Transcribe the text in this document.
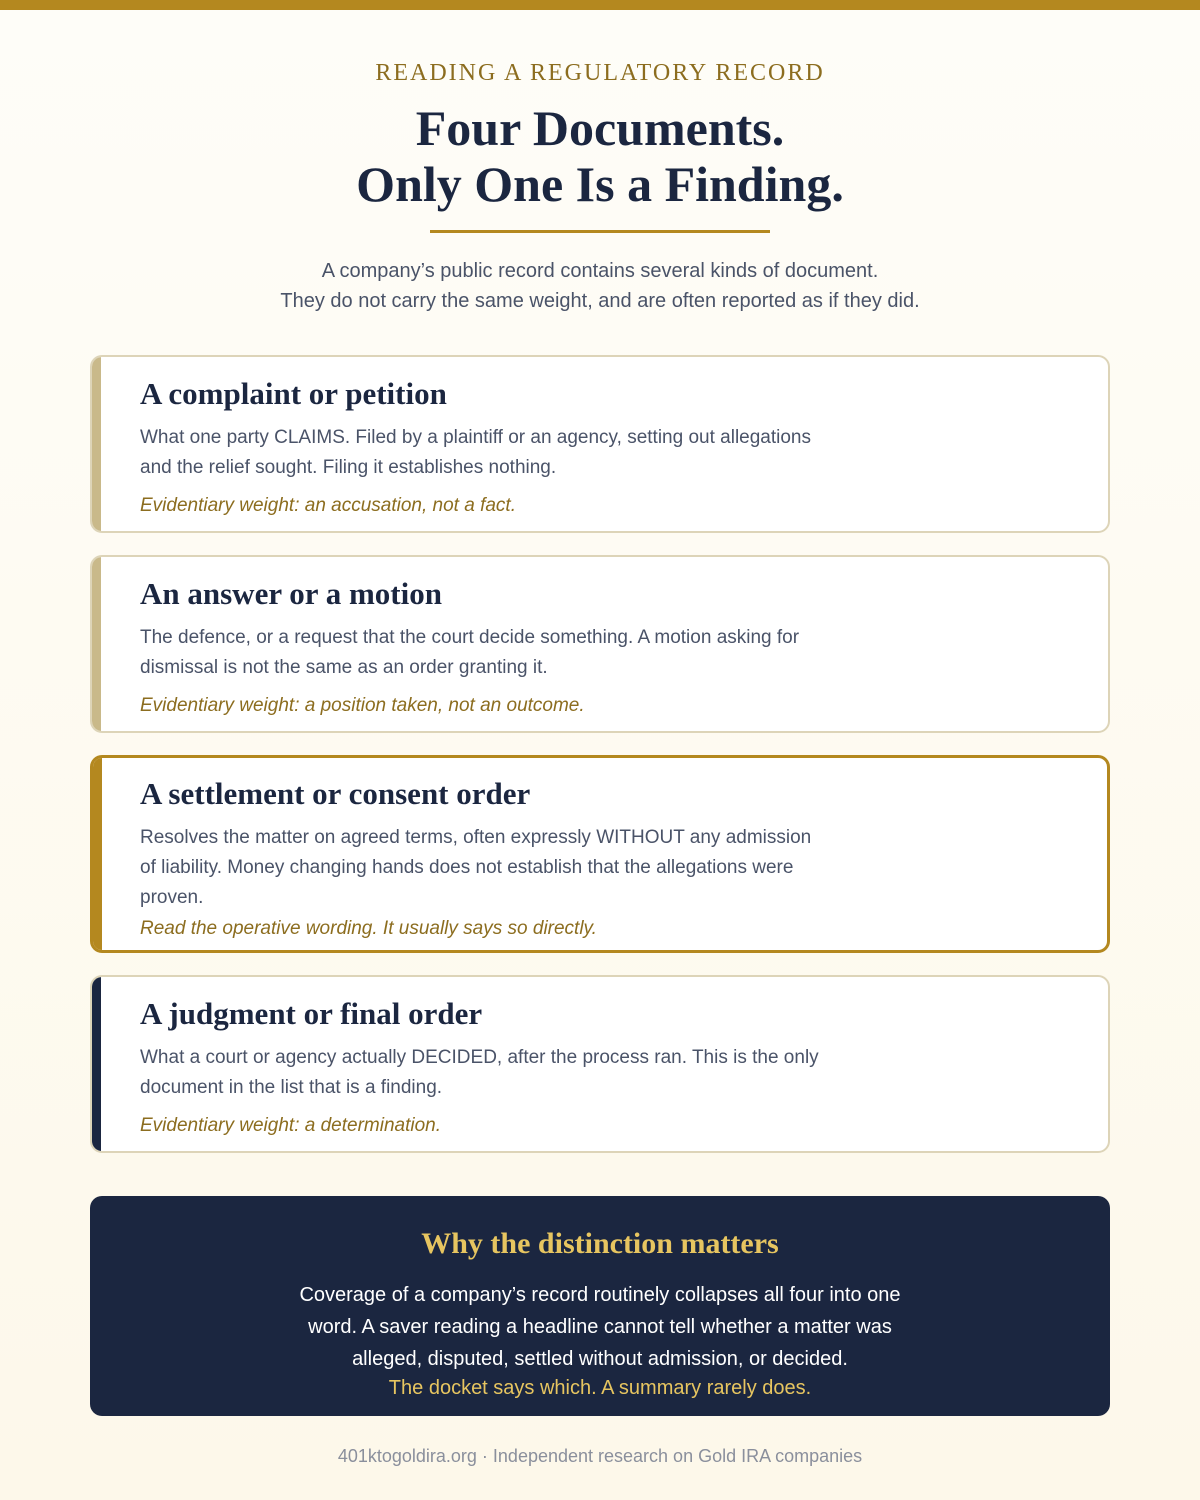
READING A REGULATORY RECORD
Four Documents.
Only One Is a Finding.
A company’s public record contains several kinds of document.
They do not carry the same weight, and are often reported as if they did.
A complaint or petition

What one party CLAIMS. Filed by a plaintiff or an agency, setting out allegations and the relief sought. Filing it establishes nothing.

Evidentiary weight: an accusation, not a fact.

An answer or a motion

The defence, or a request that the court decide something. A motion asking for dismissal is not the same as an order granting it.

Evidentiary weight: a position taken, not an outcome.

A settlement or consent order

Resolves the matter on agreed terms, often expressly WITHOUT any admission of liability. Money changing hands does not establish that the allegations were proven.

Read the operative wording. It usually says so directly.

A judgment or final order

What a court or agency actually DECIDED, after the process ran. This is the only document in the list that is a finding.

Evidentiary weight: a determination.

Why the distinction matters

Coverage of a company’s record routinely collapses all four into one
word. A saver reading a headline cannot tell whether a matter was
alleged, disputed, settled without admission, or decided.

The docket says which. A summary rarely does.

401ktogoldira.org · Independent research on Gold IRA companies
